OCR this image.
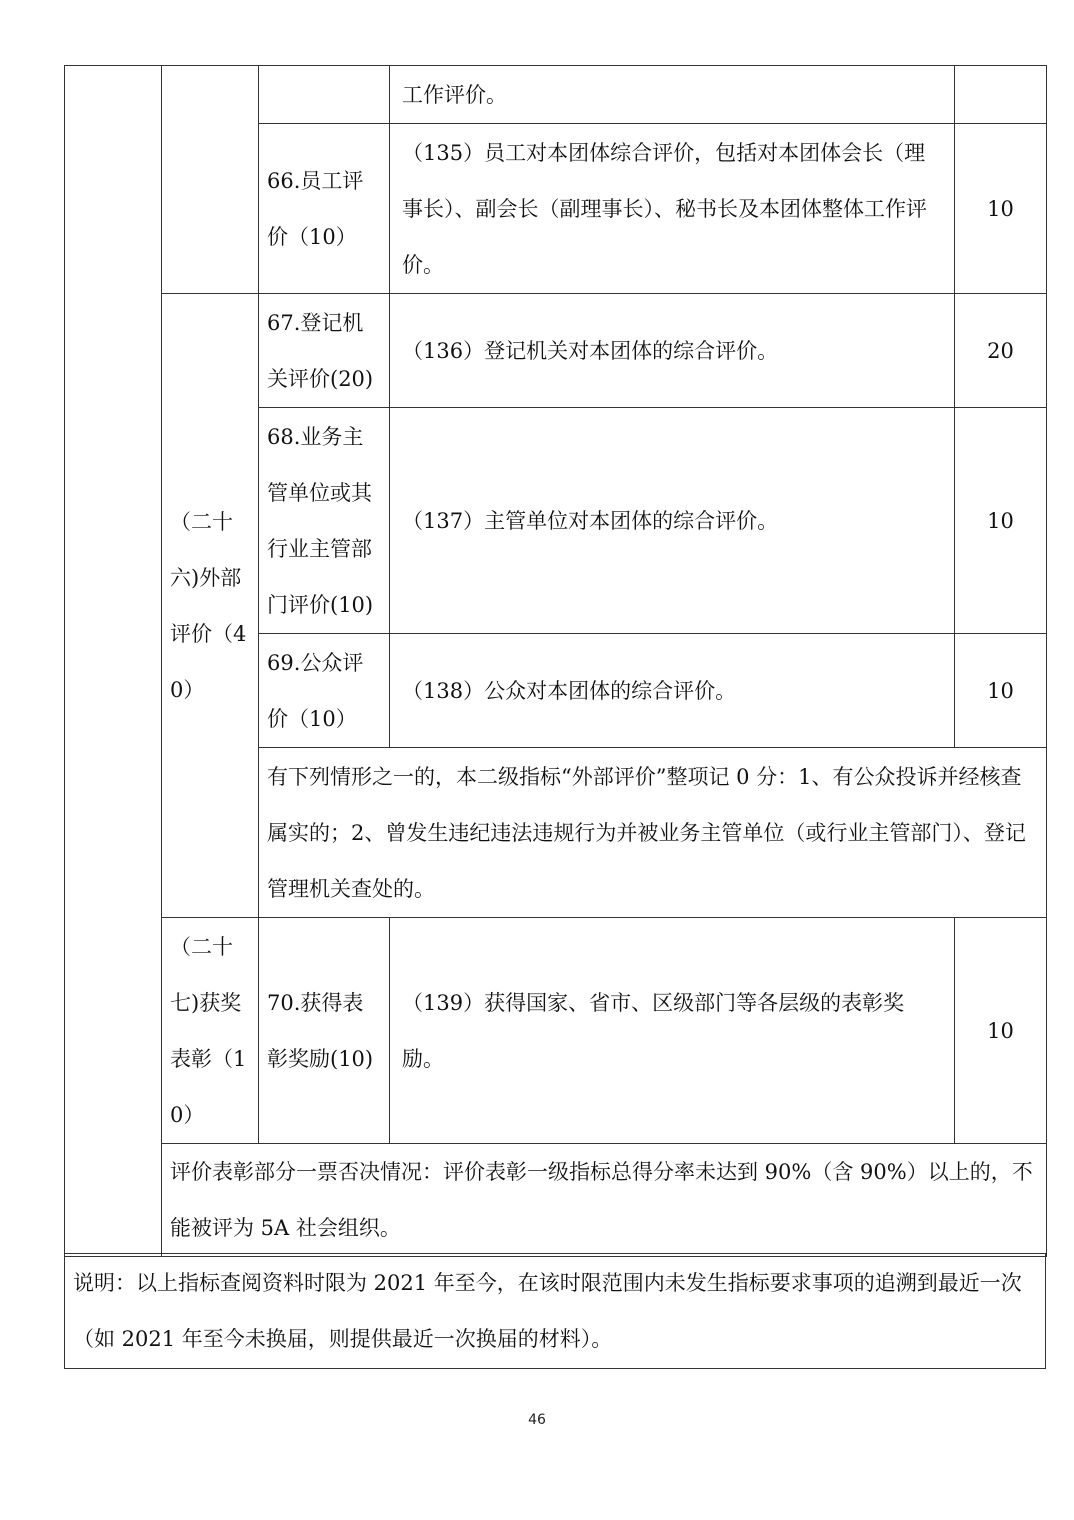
			工作评价。	
		66.员工评价（10）	（135）员工对本团体综合评价，包括对本团体会长（理事长）、副会长（副理事长）、秘书长及本团体整体工作评价。	10
	（二十六)外部评价（40）	67.登记机关评价(20)	（136）登记机关对本团体的综合评价。	20
		68.业务主管单位或其行业主管部门评价(10)	（137）主管单位对本团体的综合评价。	10
		69.公众评价（10）	（138）公众对本团体的综合评价。	10
		有下列情形之一的，本二级指标“外部评价”整项记 0 分：1、有公众投诉并经核查属实的；2、曾发生违纪违法违规行为并被业务主管单位（或行业主管部门）、登记管理机关查处的。		
	（二十七)获奖表彰（10）	70.获得表彰奖励(10)	（139）获得国家、省市、区级部门等各层级的表彰奖励。	10
	评价表彰部分一票否决情况：评价表彰一级指标总得分率未达到 90%（含 90%）以上的，不能被评为 5A 社会组织。			
说明：以上指标查阅资料时限为 2021 年至今，在该时限范围内未发生指标要求事项的追溯到最近一次（如 2021 年至今未换届，则提供最近一次换届的材料）。
46
